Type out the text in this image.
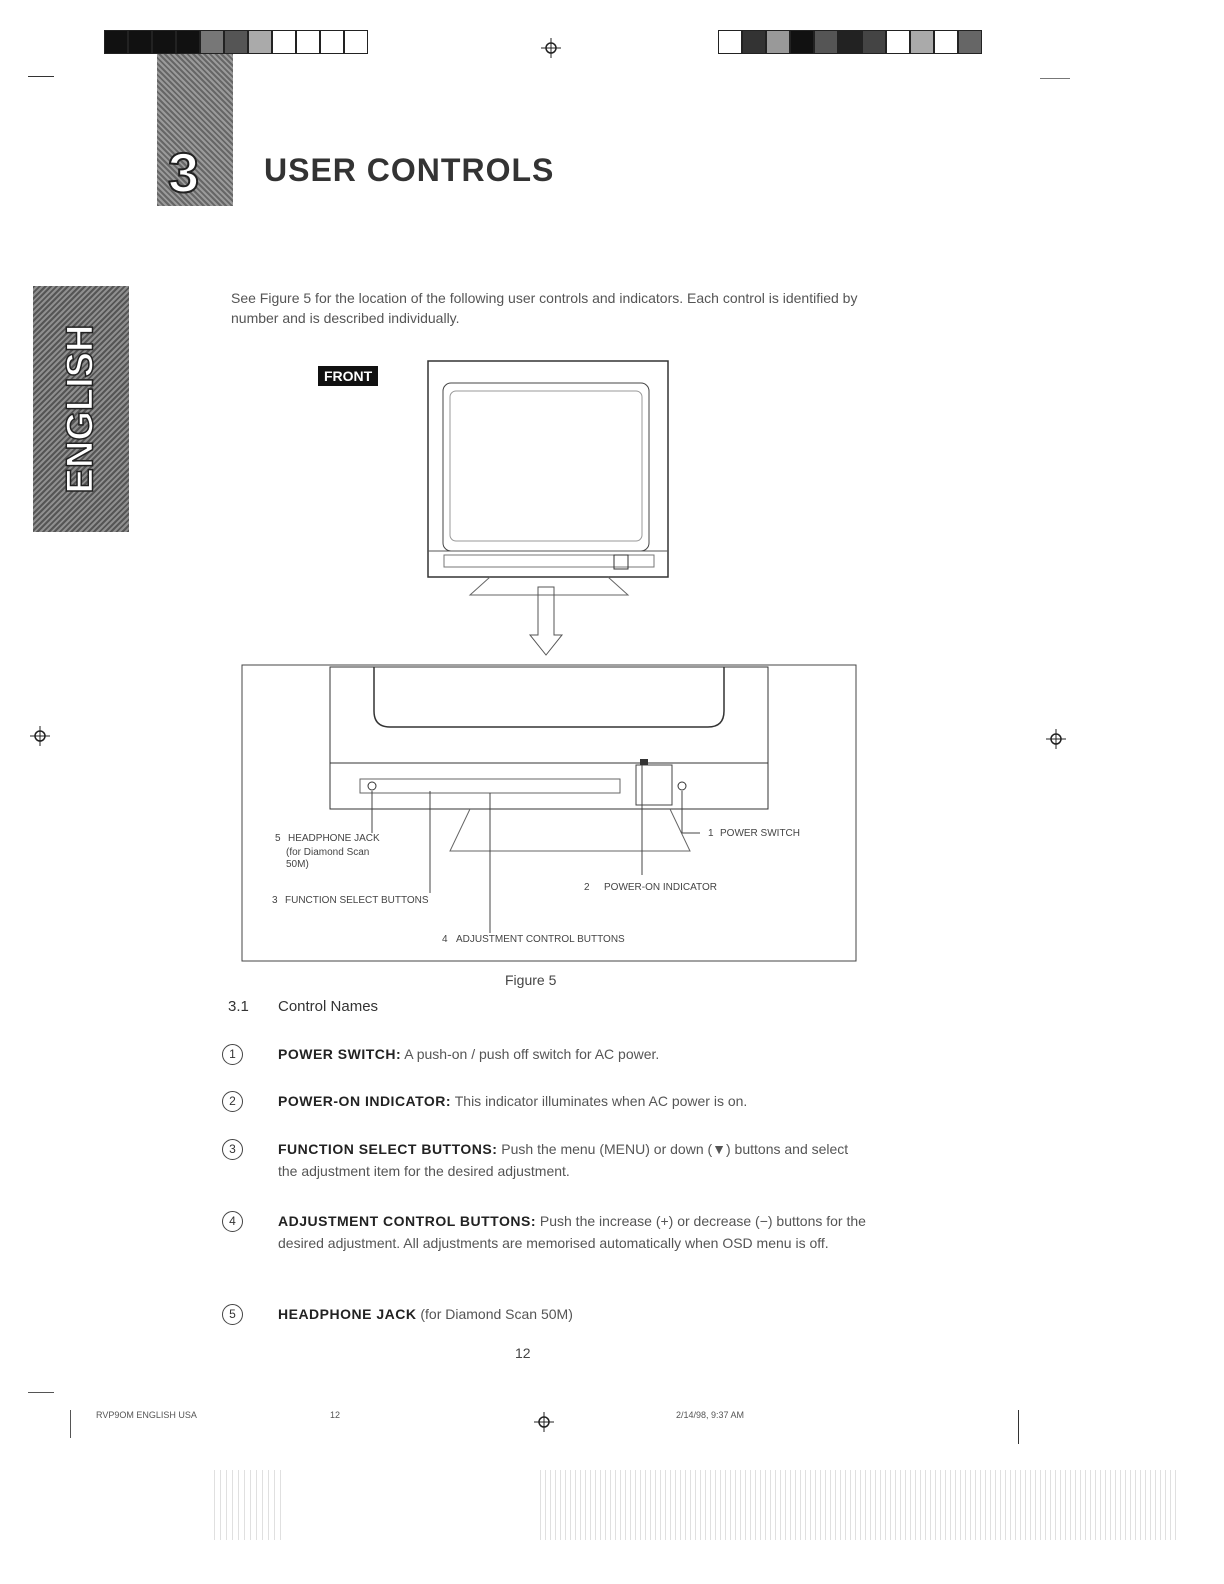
3 USER CONTROLS
ENGLISH
See Figure 5 for the location of the following user controls and indicators. Each control is identified by number and is described individually.
FRONT
5 HEADPHONE JACK
(for Diamond Scan
50M)
3 FUNCTION SELECT BUTTONS
4 ADJUSTMENT CONTROL BUTTONS
2 POWER-ON INDICATOR
1 POWER SWITCH
Figure 5
3.1 Control Names
1	POWER SWITCH: A push-on / push off switch for AC power.
2	POWER-ON INDICATOR: This indicator illuminates when AC power is on.
3	FUNCTION SELECT BUTTONS: Push the menu (MENU) or down (▼) buttons and select the adjustment item for the desired adjustment.
4	ADJUSTMENT CONTROL BUTTONS: Push the increase (+) or decrease (−) buttons for the desired adjustment. All adjustments are memorised automatically when OSD menu is off.
5	HEADPHONE JACK (for Diamond Scan 50M)
12
RVP9OM ENGLISH USA	12	2/14/98, 9:37 AM
